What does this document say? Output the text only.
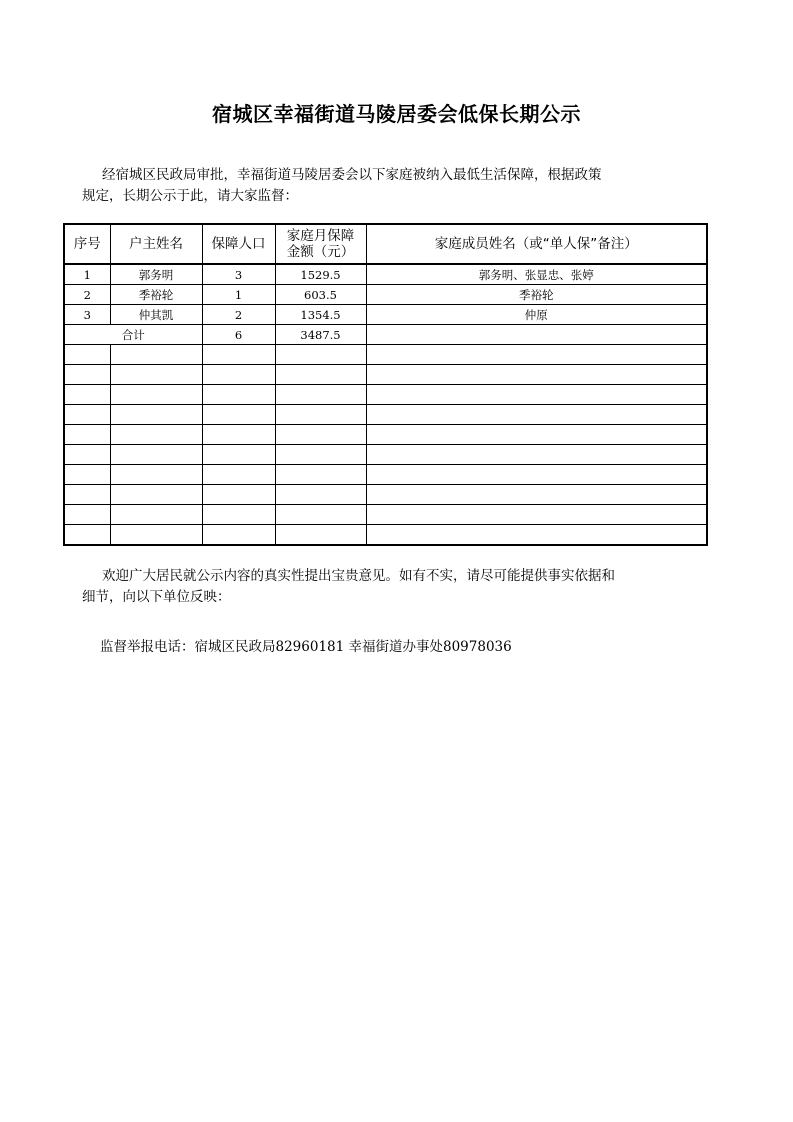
宿城区幸福街道马陵居委会低保长期公示
经宿城区民政局审批，幸福街道马陵居委会以下家庭被纳入最低生活保障，根据政策
规定，长期公示于此，请大家监督：
序号	户主姓名	保障人口	家庭月保障
金额（元）	家庭成员姓名（或“单人保”备注）
1	郭务明	3	1529.5	郭务明、张显忠、张婷
2	季裕轮	1	603.5	季裕轮
3	仲其凯	2	1354.5	仲原
合计		6	3487.5	

欢迎广大居民就公示内容的真实性提出宝贵意见。如有不实，请尽可能提供事实依据和
细节，向以下单位反映：
监督举报电话：宿城区民政局82960181 幸福街道办事处80978036
